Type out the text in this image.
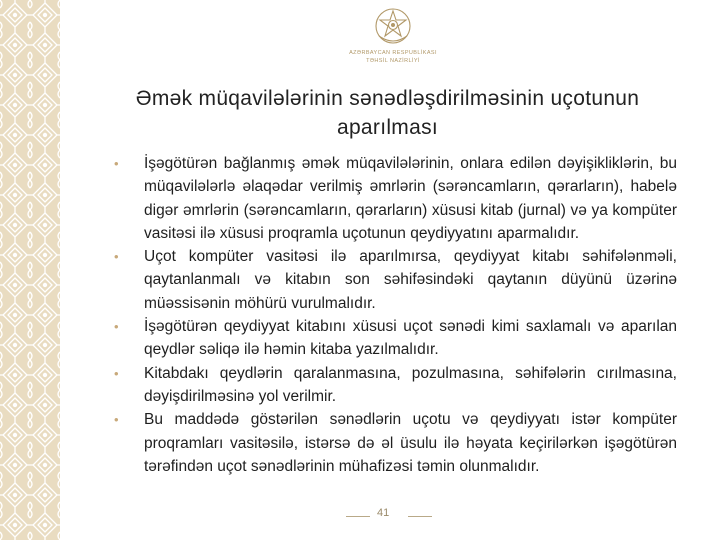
AZƏRBAYCAN RESPUBLİKASI
TƏHSİL NAZİRLİYİ
Əmək müqavilələrinin sənədləşdirilməsinin uçotunun aparılması
• İşəgötürən bağlanmış əmək müqavilələrinin, onlara edilən dəyişikliklərin, bu müqavilələrlə əlaqədar verilmiş əmrlərin (sərəncamların, qərarların), habelə digər əmrlərin (sərəncamların, qərarların) xüsusi kitab (jurnal) və ya kompüter vasitəsi ilə xüsusi proqramla uçotunun qeydiyyatını aparmalıdır.
• Uçot kompüter vasitəsi ilə aparılmırsa, qeydiyyat kitabı səhifələnməli, qaytanlanmalı və kitabın son səhifəsindəki qaytanın düyünü üzərinə müəssisənin möhürü vurulmalıdır.
• İşəgötürən qeydiyyat kitabını xüsusi uçot sənədi kimi saxlamalı və aparılan qeydlər səliqə ilə həmin kitaba yazılmalıdır.
• Kitabdakı qeydlərin qaralanmasına, pozulmasına, səhifələrin cırılmasına, dəyişdirilməsinə yol verilmir.
• Bu maddədə göstərilən sənədlərin uçotu və qeydiyyatı istər kompüter proqramları vasitəsilə, istərsə də əl üsulu ilə həyata keçirilərkən işəgötürən tərəfindən uçot sənədlərinin mühafizəsi təmin olunmalıdır.
41
